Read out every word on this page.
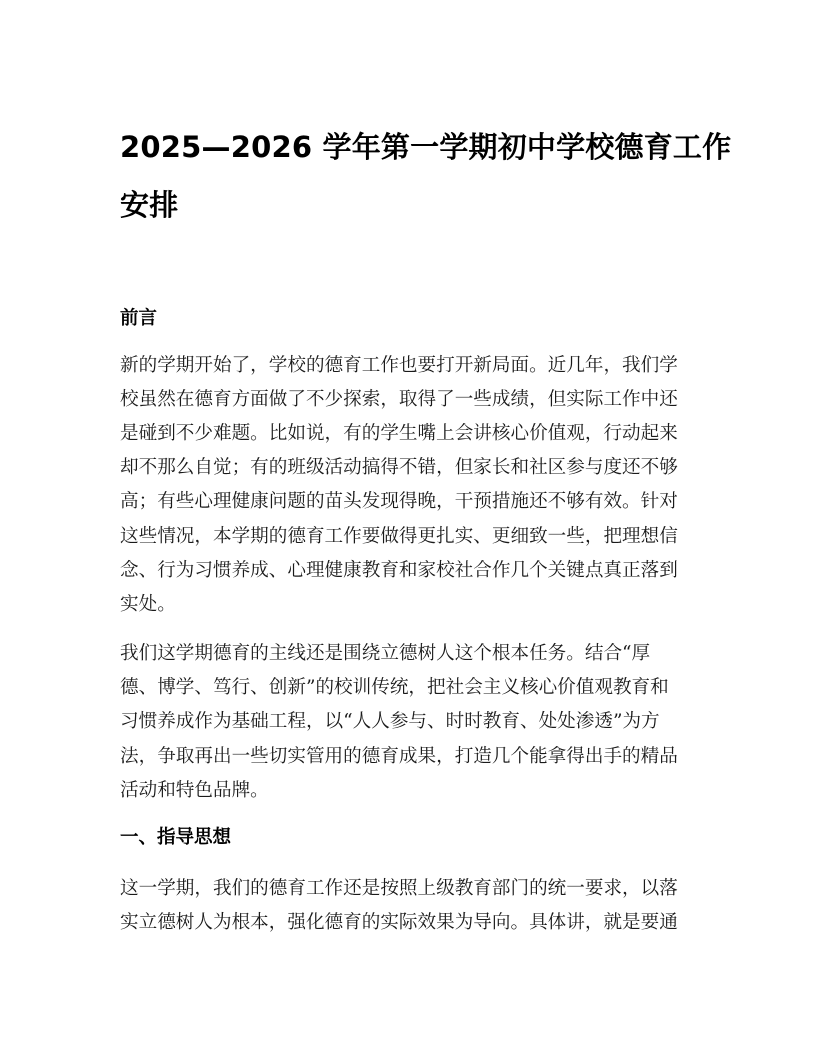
2025—2026 学年第一学期初中学校德育工作
安排
前言
新的学期开始了，学校的德育工作也要打开新局面。近几年，我们学
校虽然在德育方面做了不少探索，取得了一些成绩，但实际工作中还
是碰到不少难题。比如说，有的学生嘴上会讲核心价值观，行动起来
却不那么自觉；有的班级活动搞得不错，但家长和社区参与度还不够
高；有些心理健康问题的苗头发现得晚，干预措施还不够有效。针对
这些情况，本学期的德育工作要做得更扎实、更细致一些，把理想信
念、行为习惯养成、心理健康教育和家校社合作几个关键点真正落到
实处。
我们这学期德育的主线还是围绕立德树人这个根本任务。结合“厚
德、博学、笃行、创新”的校训传统，把社会主义核心价值观教育和
习惯养成作为基础工程，以“人人参与、时时教育、处处渗透”为方
法，争取再出一些切实管用的德育成果，打造几个能拿得出手的精品
活动和特色品牌。
一、指导思想
这一学期，我们的德育工作还是按照上级教育部门的统一要求，以落
实立德树人为根本，强化德育的实际效果为导向。具体讲，就是要通
